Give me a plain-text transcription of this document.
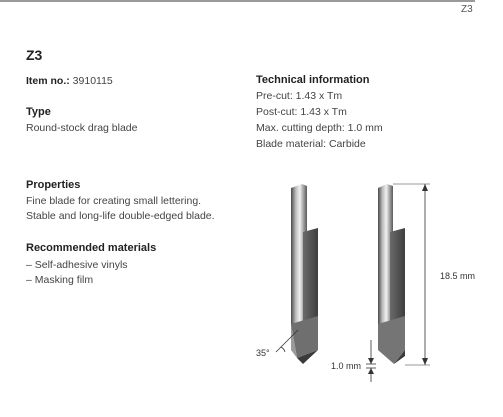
Z3
Z3
Item no.: 3910115
Type
Round-stock drag blade
Technical information
Pre-cut: 1.43 x Tm
Post-cut: 1.43 x Tm
Max. cutting depth: 1.0 mm
Blade material: Carbide
Properties
Fine blade for creating small lettering.
Stable and long-life double-edged blade.
Recommended materials
– Self-adhesive vinyls
– Masking film
35°
1.0 mm
18.5 mm
